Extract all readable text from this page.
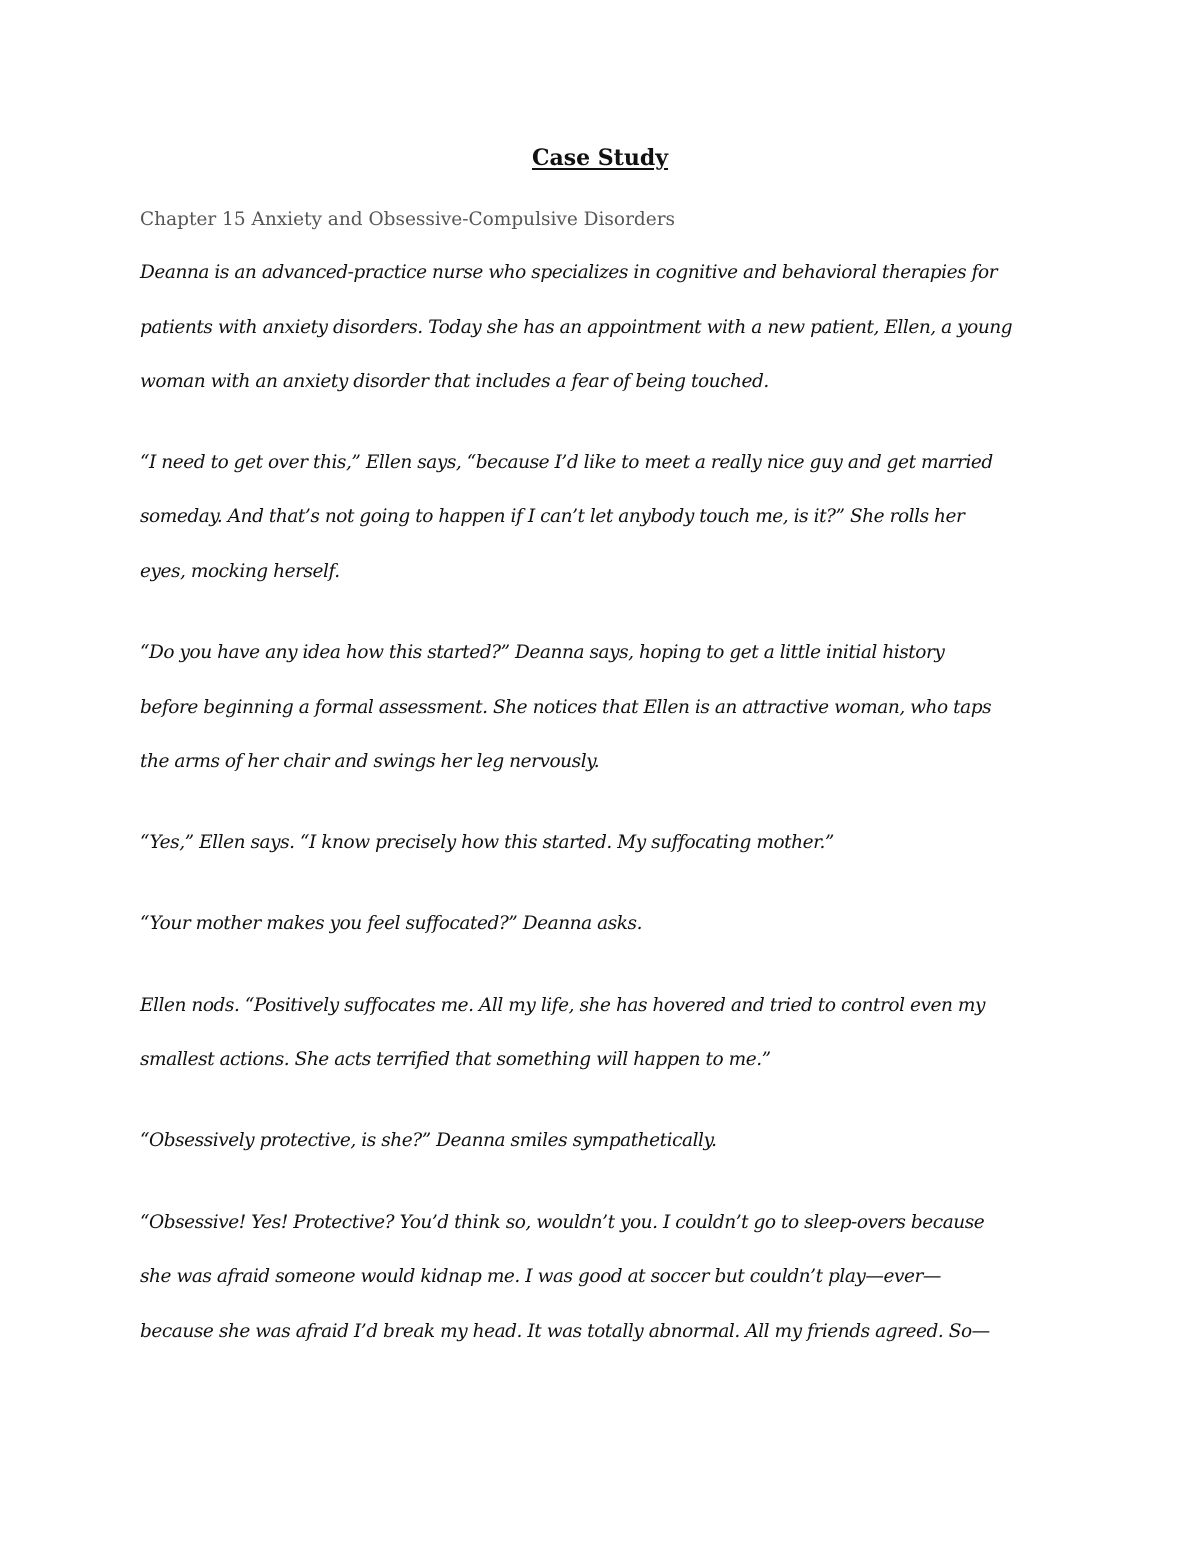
Case Study
Chapter 15 Anxiety and Obsessive-Compulsive Disorders
Deanna is an advanced-practice nurse who specializes in cognitive and behavioral therapies for
patients with anxiety disorders. Today she has an appointment with a new patient, Ellen, a young
woman with an anxiety disorder that includes a fear of being touched.
“I need to get over this,” Ellen says, “because I’d like to meet a really nice guy and get married
someday. And that’s not going to happen if I can’t let anybody touch me, is it?” She rolls her
eyes, mocking herself.
“Do you have any idea how this started?” Deanna says, hoping to get a little initial history
before beginning a formal assessment. She notices that Ellen is an attractive woman, who taps
the arms of her chair and swings her leg nervously.
“Yes,” Ellen says. “I know precisely how this started. My suffocating mother.”
“Your mother makes you feel suffocated?” Deanna asks.
Ellen nods. “Positively suffocates me. All my life, she has hovered and tried to control even my
smallest actions. She acts terrified that something will happen to me.”
“Obsessively protective, is she?” Deanna smiles sympathetically.
“Obsessive! Yes! Protective? You’d think so, wouldn’t you. I couldn’t go to sleep-overs because
she was afraid someone would kidnap me. I was good at soccer but couldn’t play—ever—
because she was afraid I’d break my head. It was totally abnormal. All my friends agreed. So—
